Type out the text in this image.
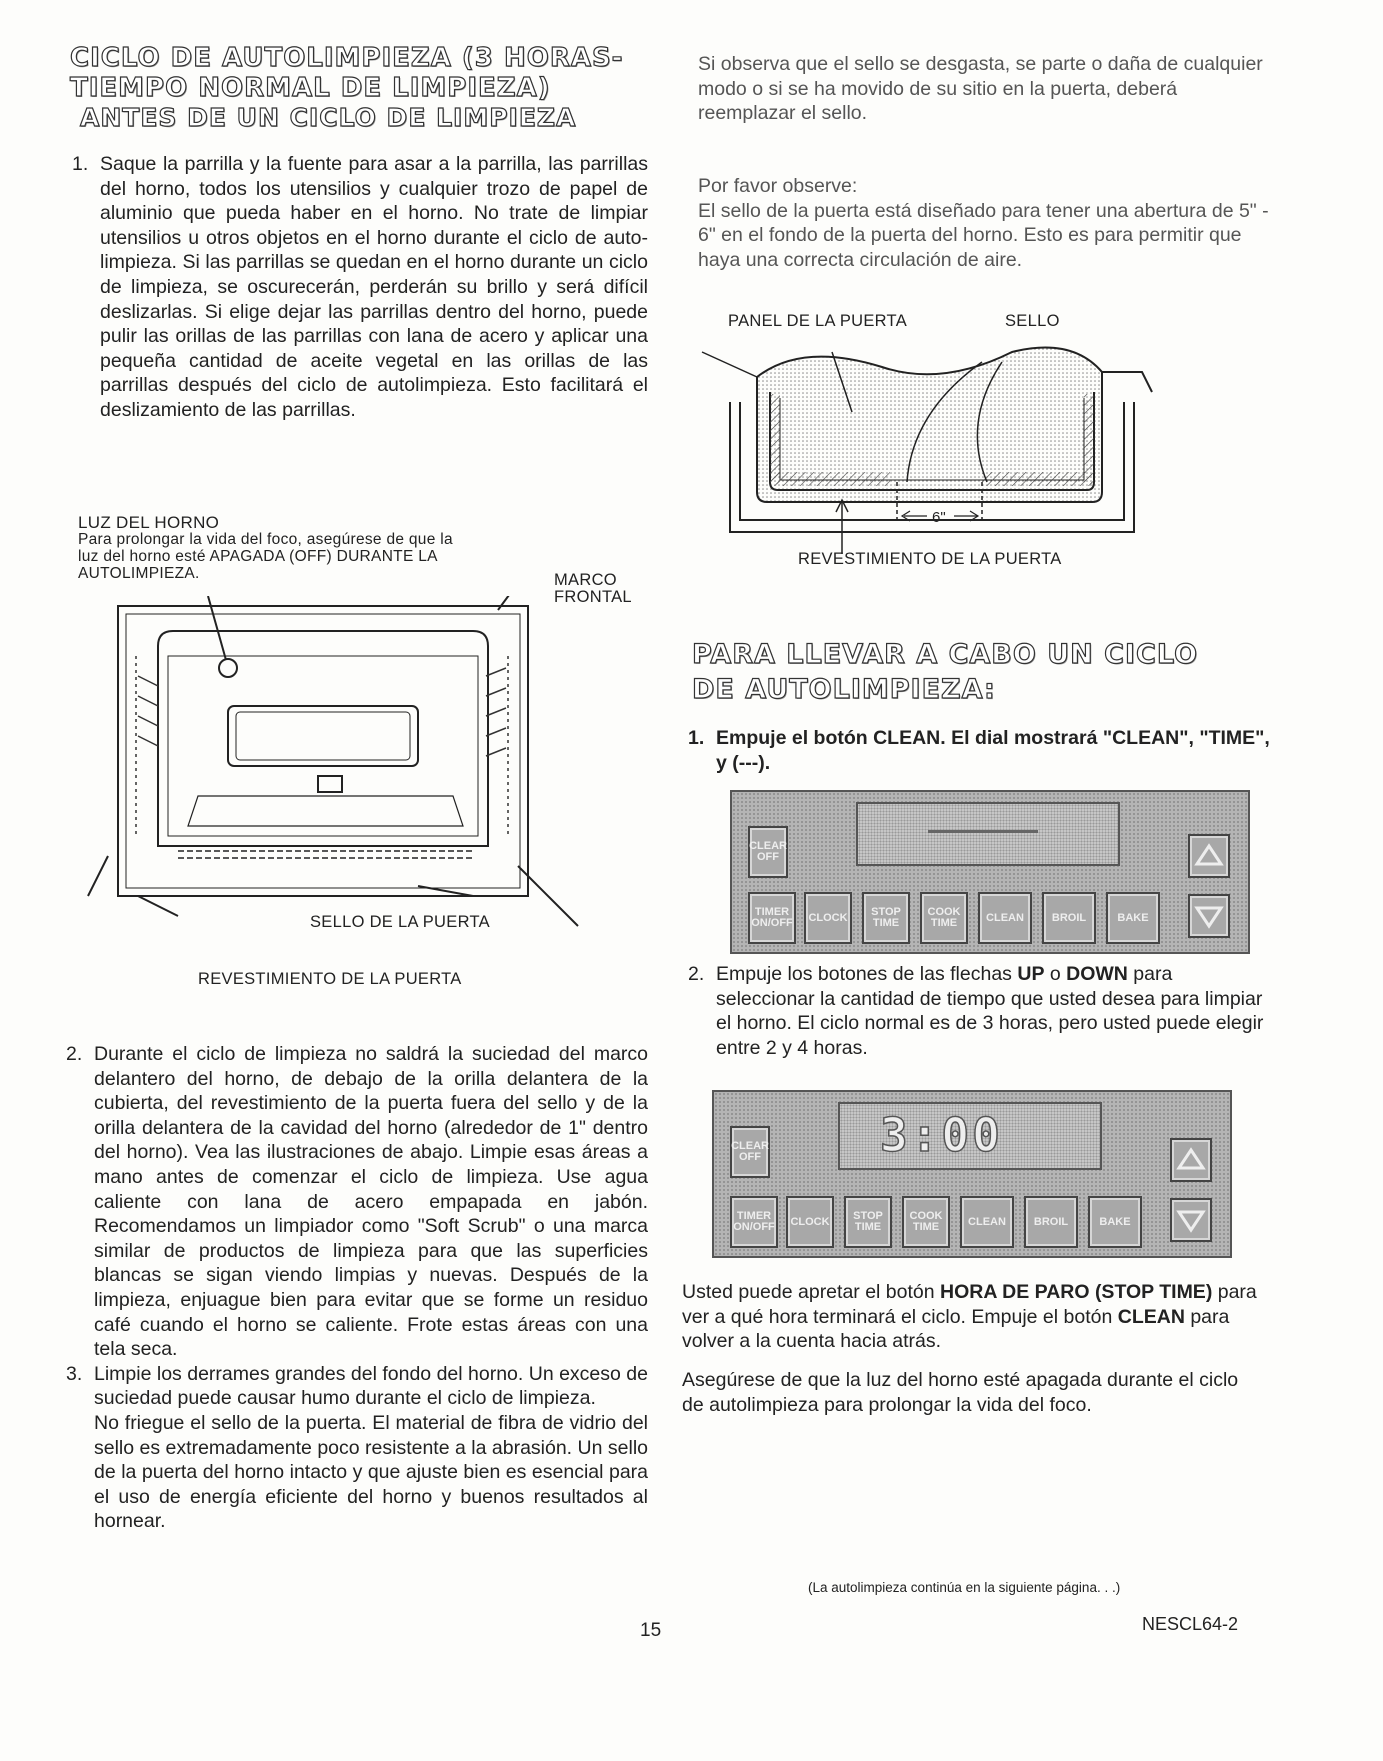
CICLO DE AUTOLIMPIEZA (3 HORAS-
TIEMPO NORMAL DE LIMPIEZA)
ANTES DE UN CICLO DE LIMPIEZA
1. Saque la parrilla y la fuente para asar a la parrilla, las parrillas del horno, todos los utensilios y cualquier trozo de papel de aluminio que pueda haber en el horno. No trate de limpiar utensilios u otros objetos en el horno durante el ciclo de auto-limpieza. Si las parrillas se quedan en el horno durante un ciclo de limpieza, se oscurecerán, perderán su brillo y será difícil deslizarlas. Si elige dejar las parrillas dentro del horno, puede pulir las orillas de las parrillas con lana de acero y aplicar una pequeña cantidad de aceite vegetal en las orillas de las parrillas después del ciclo de autolimpieza. Esto facilitará el deslizamiento de las parrillas.
LUZ DEL HORNO
Para prolongar la vida del foco, asegúrese de que la luz del horno esté APAGADA (OFF) DURANTE LA AUTOLIMPIEZA.	MARCO FRONTAL
SELLO DE LA PUERTA
REVESTIMIENTO DE LA PUERTA
2. Durante el ciclo de limpieza no saldrá la suciedad del marco delantero del horno, de debajo de la orilla delantera de la cubierta, del revestimiento de la puerta fuera del sello y de la orilla delantera de la cavidad del horno (alrededor de 1" dentro del horno). Vea las ilustraciones de abajo. Limpie esas áreas a mano antes de comenzar el ciclo de limpieza. Use agua caliente con lana de acero empapada en jabón. Recomendamos un limpiador como "Soft Scrub" o una marca similar de productos de limpieza para que las superficies blancas se sigan viendo limpias y nuevas. Después de la limpieza, enjuague bien para evitar que se forme un residuo café cuando el horno se caliente. Frote estas áreas con una tela seca.
3. Limpie los derrames grandes del fondo del horno. Un exceso de suciedad puede causar humo durante el ciclo de limpieza.
No friegue el sello de la puerta. El material de fibra de vidrio del sello es extremadamente poco resistente a la abrasión. Un sello de la puerta del horno intacto y que ajuste bien es esencial para el uso de energía eficiente del horno y buenos resultados al hornear.
15
Si observa que el sello se desgasta, se parte o daña de cualquier modo o si se ha movido de su sitio en la puerta, deberá reemplazar el sello.
Por favor observe:
El sello de la puerta está diseñado para tener una abertura de 5" - 6" en el fondo de la puerta del horno. Esto es para permitir que haya una correcta circulación de aire.
PANEL DE LA PUERTA	SELLO
6"
REVESTIMIENTO DE LA PUERTA
PARA LLEVAR A CABO UN CICLO
DE AUTOLIMPIEZA:
1. Empuje el botón CLEAN. El dial mostrará "CLEAN", "TIME", y (---).
CLEAR OFF
TIMER ON/OFF	CLOCK	STOP TIME
COOK TIME	CLEAN	BROIL	BAKE
2. Empuje los botones de las flechas UP o DOWN para seleccionar la cantidad de tiempo que usted desea para limpiar el horno. El ciclo normal es de 3 horas, pero usted puede elegir entre 2 y 4 horas.
3:00
CLEAR OFF
TIMER ON/OFF	CLOCK	STOP TIME
COOK TIME	CLEAN	BROIL	BAKE
Usted puede apretar el botón HORA DE PARO (STOP TIME) para ver a qué hora terminará el ciclo. Empuje el botón CLEAN para volver a la cuenta hacia atrás.
Asegúrese de que la luz del horno esté apagada durante el ciclo de autolimpieza para prolongar la vida del foco.
(La autolimpieza continúa en la siguiente página. . .)
NESCL64-2
